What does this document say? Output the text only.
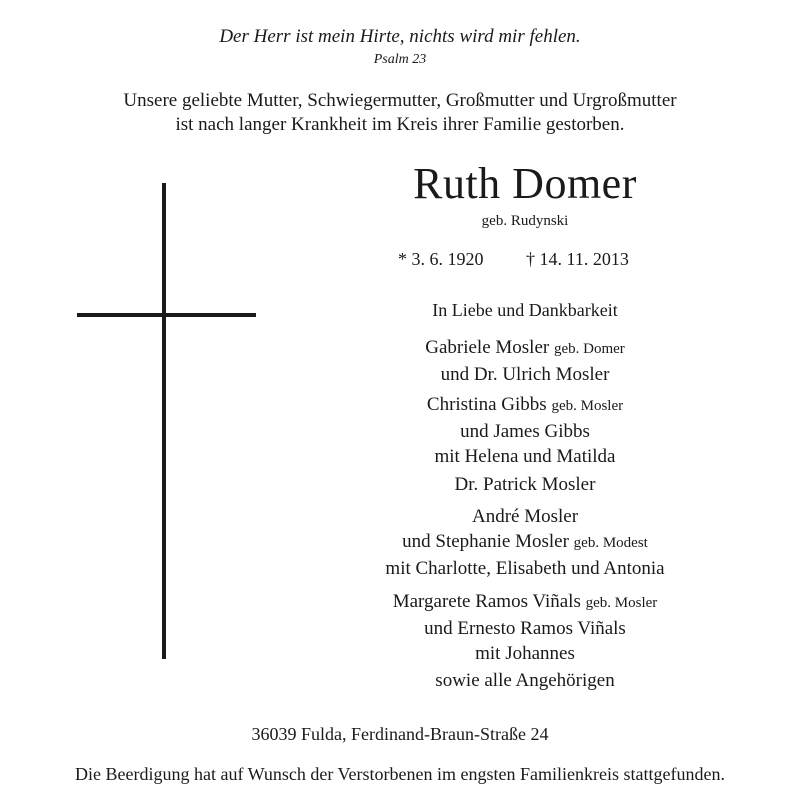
Der Herr ist mein Hirte, nichts wird mir fehlen.
Psalm 23
Unsere geliebte Mutter, Schwiegermutter, Großmutter und Urgroßmutter
ist nach langer Krankheit im Kreis ihrer Familie gestorben.
Ruth Domer
geb. Rudynski
* 3. 6. 1920 † 14. 11. 2013
In Liebe und Dankbarkeit
Gabriele Mosler geb. Domer
und Dr. Ulrich Mosler
Christina Gibbs geb. Mosler
und James Gibbs
mit Helena und Matilda
Dr. Patrick Mosler
André Mosler
und Stephanie Mosler geb. Modest
mit Charlotte, Elisabeth und Antonia
Margarete Ramos Viñals geb. Mosler
und Ernesto Ramos Viñals
mit Johannes
sowie alle Angehörigen
36039 Fulda, Ferdinand-Braun-Straße 24
Die Beerdigung hat auf Wunsch der Verstorbenen im engsten Familienkreis stattgefunden.
